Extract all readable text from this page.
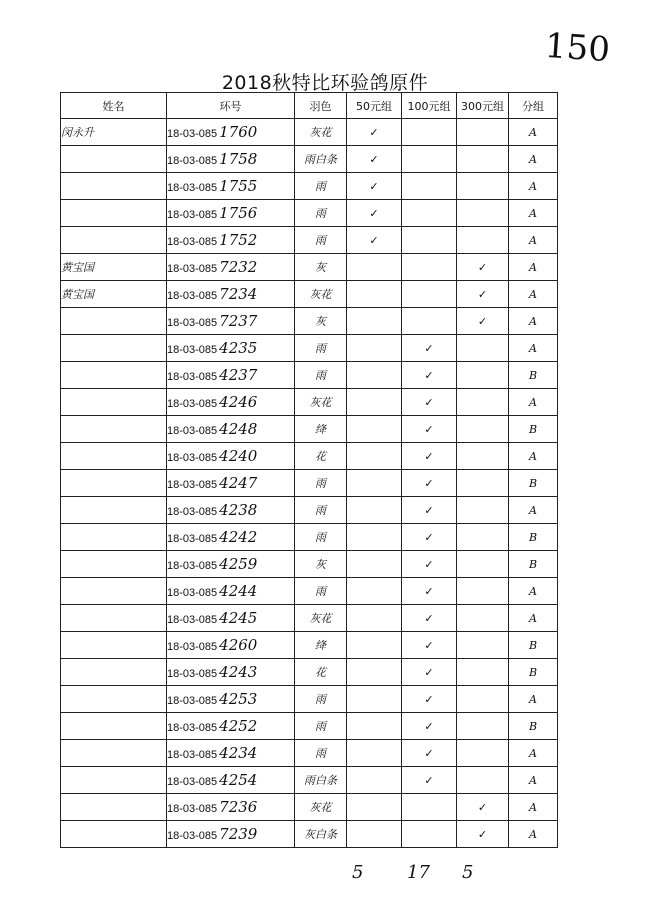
150
2018秋特比环验鸽原件
姓名	环号	羽色	50元组	100元组	300元组	分组
闵永升	18-03-085 1760	灰花	✓			A
	18-03-085 1758	雨白条	✓			A
	18-03-085 1755	雨	✓			A
	18-03-085 1756	雨	✓			A
	18-03-085 1752	雨	✓			A
黄宝国	18-03-085 7232	灰			✓	A
黄宝国	18-03-085 7234	灰花			✓	A
	18-03-085 7237	灰			✓	A
	18-03-085 4235	雨		✓		A
	18-03-085 4237	雨		✓		B
	18-03-085 4246	灰花		✓		A
	18-03-085 4248	绛		✓		B
	18-03-085 4240	花		✓		A
	18-03-085 4247	雨		✓		B
	18-03-085 4238	雨		✓		A
	18-03-085 4242	雨		✓		B
	18-03-085 4259	灰		✓		B
	18-03-085 4244	雨		✓		A
	18-03-085 4245	灰花		✓		A
	18-03-085 4260	绛		✓		B
	18-03-085 4243	花		✓		B
	18-03-085 4253	雨		✓		A
	18-03-085 4252	雨		✓		B
	18-03-085 4234	雨		✓		A
	18-03-085 4254	雨白条		✓		A
	18-03-085 7236	灰花			✓	A
	18-03-085 7239	灰白条			✓	A
5 17 5
